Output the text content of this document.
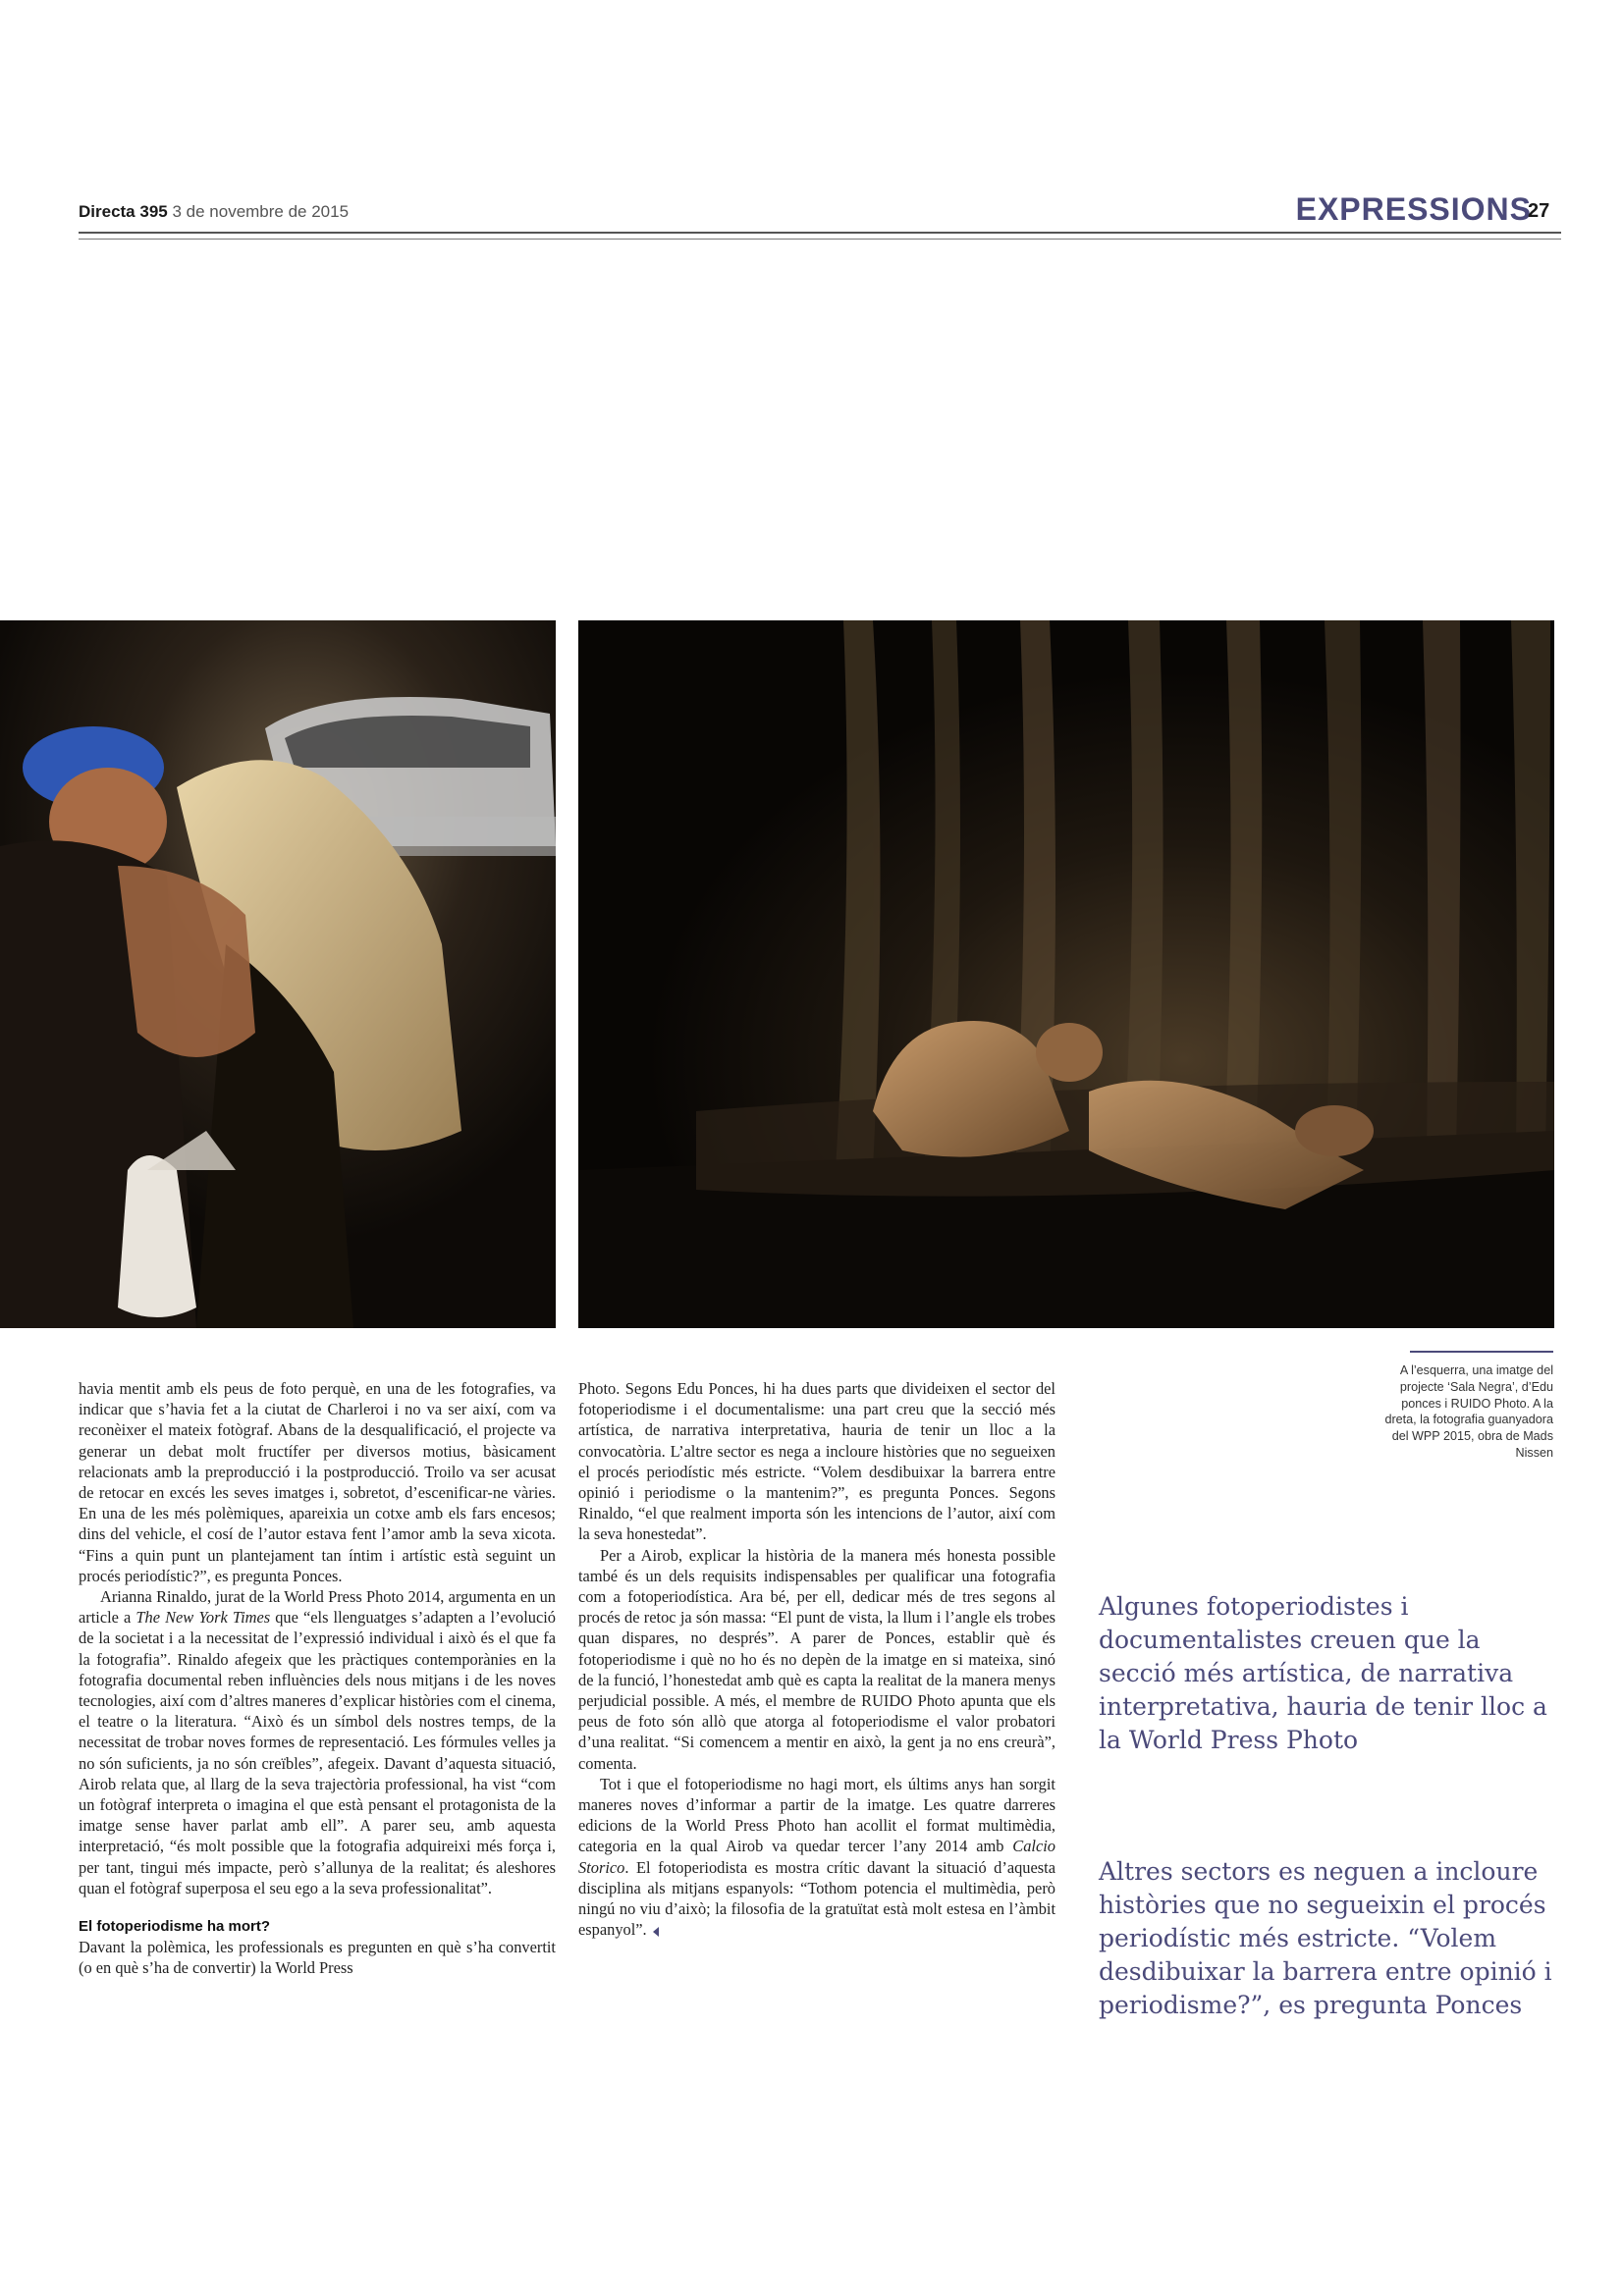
Directa 395 3 de novembre de 2015	EXPRESSIONS
27
A l’esquerra, una imatge del projecte ‘Sala Negra’, d’Edu ponces i RUIDO Photo. A la dreta, la fotografia guanyadora del WPP 2015, obra de Mads Nissen

havia mentit amb els peus de foto perquè, en una de les fotografies, va indicar que s’havia fet a la ciutat de Charleroi i no va ser així, com va reconèixer el mateix fotògraf. Abans de la desqualificació, el projecte va generar un debat molt fructífer per diversos motius, bàsicament relacionats amb la preproducció i la postproducció. Troilo va ser acusat de retocar en excés les seves imatges i, sobretot, d’escenificar-ne vàries. En una de les més polèmiques, apareixia un cotxe amb els fars encesos; dins del vehicle, el cosí de l’autor estava fent l’amor amb la seva xicota. “Fins a quin punt un plantejament tan íntim i artístic està seguint un procés periodístic?”, es pregunta Ponces.

Arianna Rinaldo, jurat de la World Press Photo 2014, argumenta en un article a The New York Times que “els llenguatges s’adapten a l’evolució de la societat i a la necessitat de l’expressió individual i això és el que fa la fotografia”. Rinaldo afegeix que les pràctiques contemporànies en la fotografia documental reben influències dels nous mitjans i de les noves tecnologies, així com d’altres maneres d’explicar històries com el cinema, el teatre o la literatura. “Això és un símbol dels nostres temps, de la necessitat de trobar noves formes de representació. Les fórmules velles ja no són suficients, ja no són creïbles”, afegeix. Davant d’aquesta situació, Airob relata que, al llarg de la seva trajectòria professional, ha vist “com un fotògraf interpreta o imagina el que està pensant el protagonista de la imatge sense haver parlat amb ell”. A parer seu, amb aquesta interpretació, “és molt possible que la fotografia adquireixi més força i, per tant, tingui més impacte, però s’allunya de la realitat; és aleshores quan el fotògraf superposa el seu ego a la seva professionalitat”.

El fotoperiodisme ha mort?

Davant la polèmica, les professionals es pregunten en què s’ha convertit (o en què s’ha de convertir) la World Press

Photo. Segons Edu Ponces, hi ha dues parts que divideixen el sector del fotoperiodisme i el documentalisme: una part creu que la secció més artística, de narrativa interpretativa, hauria de tenir un lloc a la convocatòria. L’altre sector es nega a incloure històries que no segueixen el procés periodístic més estricte. “Volem desdibuixar la barrera entre opinió i periodisme o la mantenim?”, es pregunta Ponces. Segons Rinaldo, “el que realment importa són les intencions de l’autor, així com la seva honestedat”.

Per a Airob, explicar la història de la manera més honesta possible també és un dels requisits indispensables per qualificar una fotografia com a fotoperiodística. Ara bé, per ell, dedicar més de tres segons al procés de retoc ja són massa: “El punt de vista, la llum i l’angle els trobes quan dispares, no després”. A parer de Ponces, establir què és fotoperiodisme i què no ho és no depèn de la imatge en si mateixa, sinó de la funció, l’honestedat amb què es capta la realitat de la manera menys perjudicial possible. A més, el membre de RUIDO Photo apunta que els peus de foto són allò que atorga al fotoperiodisme el valor probatori d’una realitat. “Si comencem a mentir en això, la gent ja no ens creurà”, comenta.

Tot i que el fotoperiodisme no hagi mort, els últims anys han sorgit maneres noves d’informar a partir de la imatge. Les quatre darreres edicions de la World Press Photo han acollit el format multimèdia, categoria en la qual Airob va quedar tercer l’any 2014 amb Calcio Storico. El fotoperiodista es mostra crític davant la situació d’aquesta disciplina als mitjans espanyols: “Tothom potencia el multimèdia, però ningú no viu d’això; la filosofia de la gratuïtat està molt estesa en l’àmbit espanyol”.

Algunes fotoperiodistes i documentalistes creuen que la secció més artística, de narrativa interpretativa, hauria de tenir lloc a la World Press Photo
Altres sectors es neguen a incloure històries que no segueixin el procés periodístic més estricte. “Volem desdibuixar la barrera entre opinió i periodisme?”, es pregunta Ponces
